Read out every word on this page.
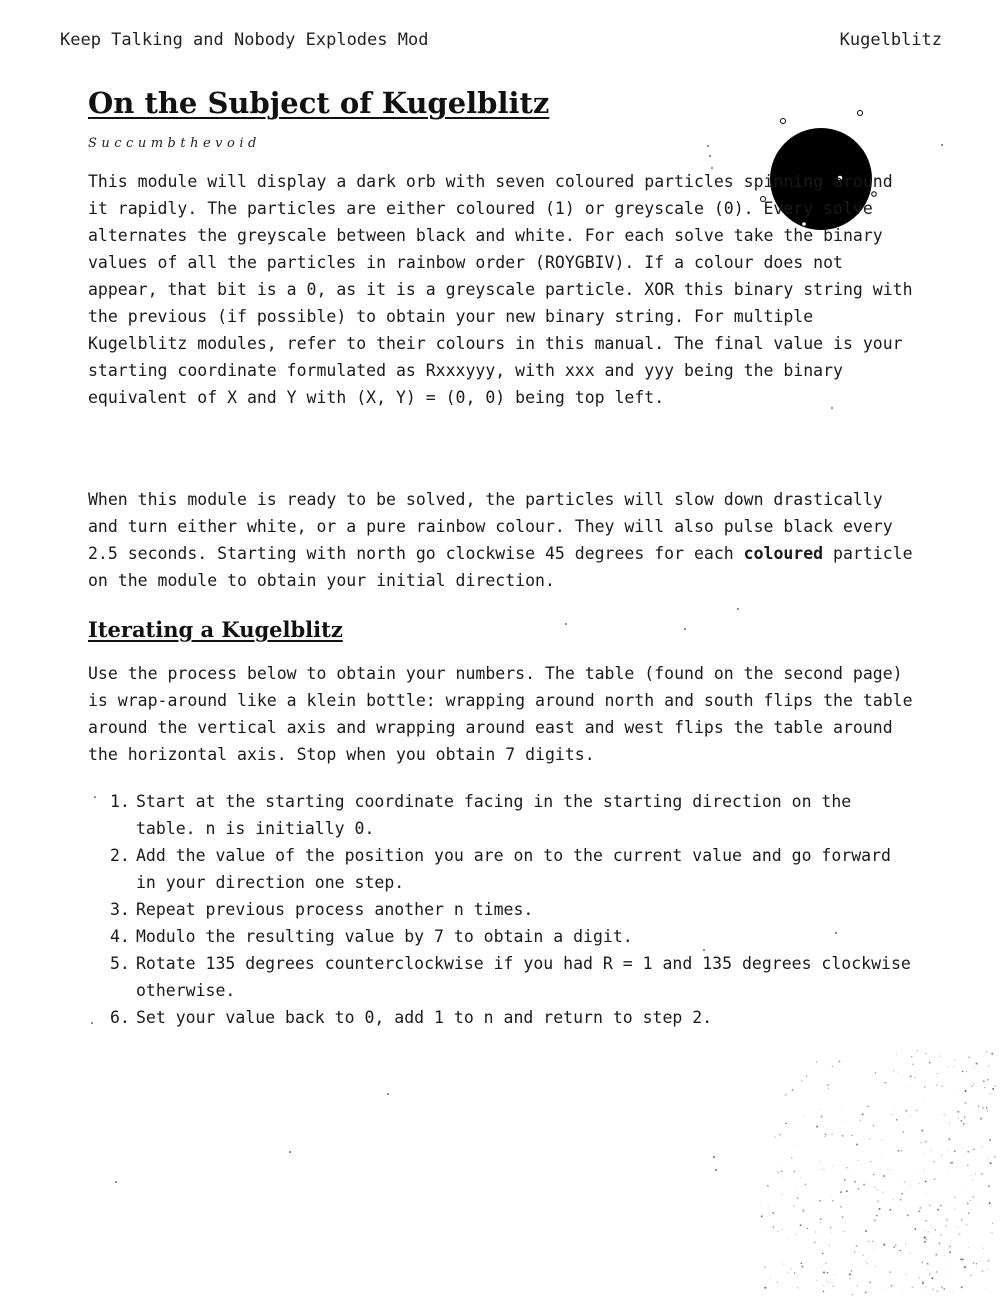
Keep Talking and Nobody Explodes Mod	Kugelblitz
On the Subject of Kugelblitz
Succumbthevoid

This module will display a dark orb with seven coloured particles spinning around it rapidly. The particles are either coloured (1) or greyscale (0). Every solve alternates the greyscale between black and white. For each solve take the binary values of all the particles in rainbow order (ROYGBIV). If a colour does not appear, that bit is a 0, as it is a greyscale particle. XOR this binary string with the previous (if possible) to obtain your new binary string. For multiple Kugelblitz modules, refer to their colours in this manual. The final value is your starting coordinate formulated as Rxxxyyy, with xxx and yyy being the binary equivalent of X and Y with (X, Y) = (0, 0) being top left.

When this module is ready to be solved, the particles will slow down drastically and turn either white, or a pure rainbow colour. They will also pulse black every 2.5 seconds. Starting with north go clockwise 45 degrees for each coloured particle on the module to obtain your initial direction.

Iterating a Kugelblitz

Use the process below to obtain your numbers. The table (found on the second page) is wrap-around like a klein bottle: wrapping around north and south flips the table around the vertical axis and wrapping around east and west flips the table around the horizontal axis. Stop when you obtain 7 digits.

1. Start at the starting coordinate facing in the starting direction on the table. n is initially 0.
2. Add the value of the position you are on to the current value and go forward in your direction one step.
3. Repeat previous process another n times.
4. Modulo the resulting value by 7 to obtain a digit.
5. Rotate 135 degrees counterclockwise if you had R = 1 and 135 degrees clockwise otherwise.
6. Set your value back to 0, add 1 to n and return to step 2.
